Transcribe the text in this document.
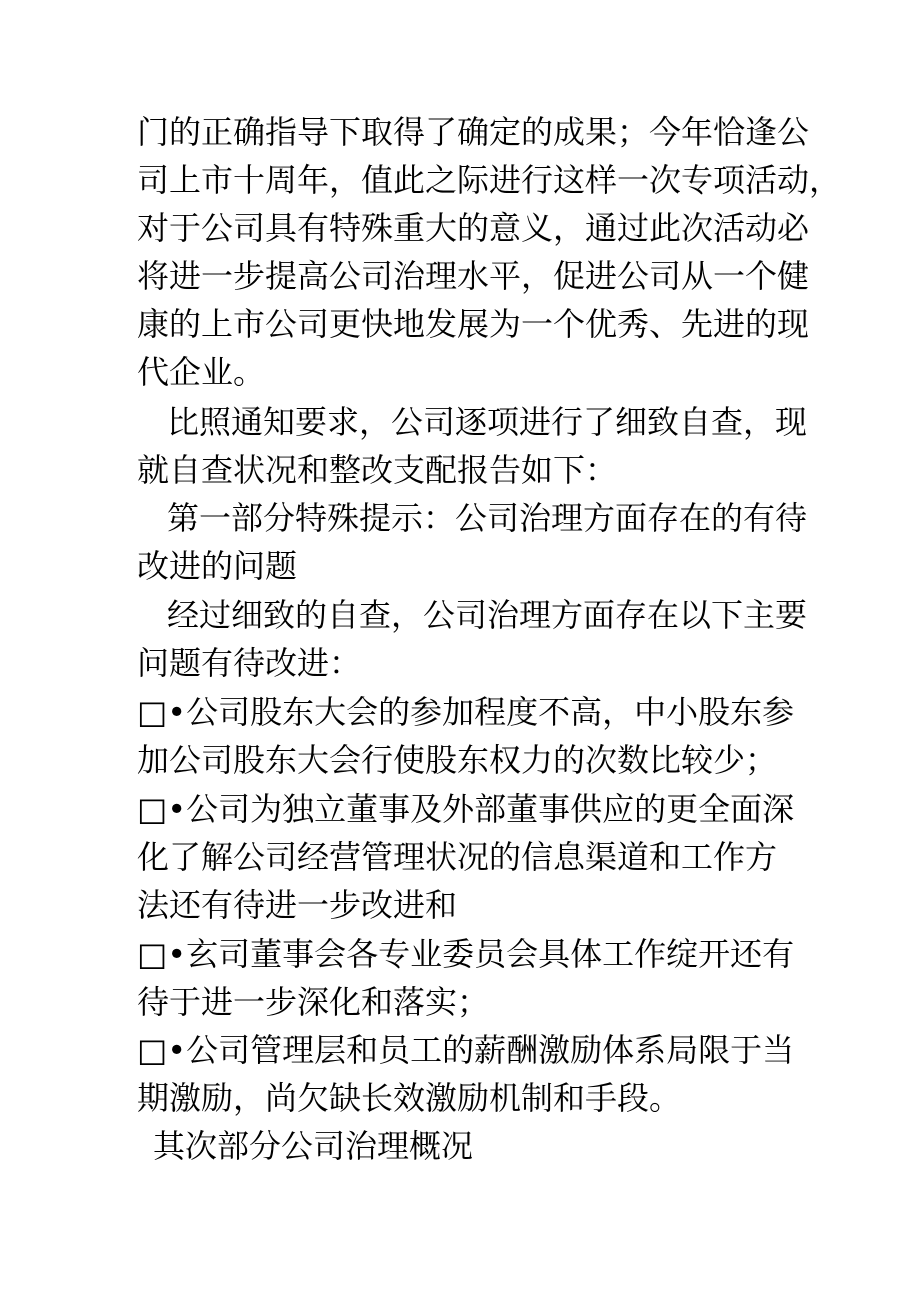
门的正确指导下取得了确定的成果；今年恰逢公
司上市十周年，值此之际进行这样一次专项活动，
对于公司具有特殊重大的意义，通过此次活动必
将进一步提高公司治理水平，促进公司从一个健
康的上市公司更快地发展为一个优秀、先进的现
代企业。
比照通知要求，公司逐项进行了细致自查，现
就自查状况和整改支配报告如下：
第一部分特殊提示：公司治理方面存在的有待
改进的问题
经过细致的自查，公司治理方面存在以下主要
问题有待改进：
□•公司股东大会的参加程度不高，中小股东参
加公司股东大会行使股东权力的次数比较少；
□•公司为独立董事及外部董事供应的更全面深
化了解公司经营管理状况的信息渠道和工作方
法还有待进一步改进和
□•玄司董事会各专业委员会具体工作绽开还有
待于进一步深化和落实；
□•公司管理层和员工的薪酬激励体系局限于当
期激励，尚欠缺长效激励机制和手段。
其次部分公司治理概况
